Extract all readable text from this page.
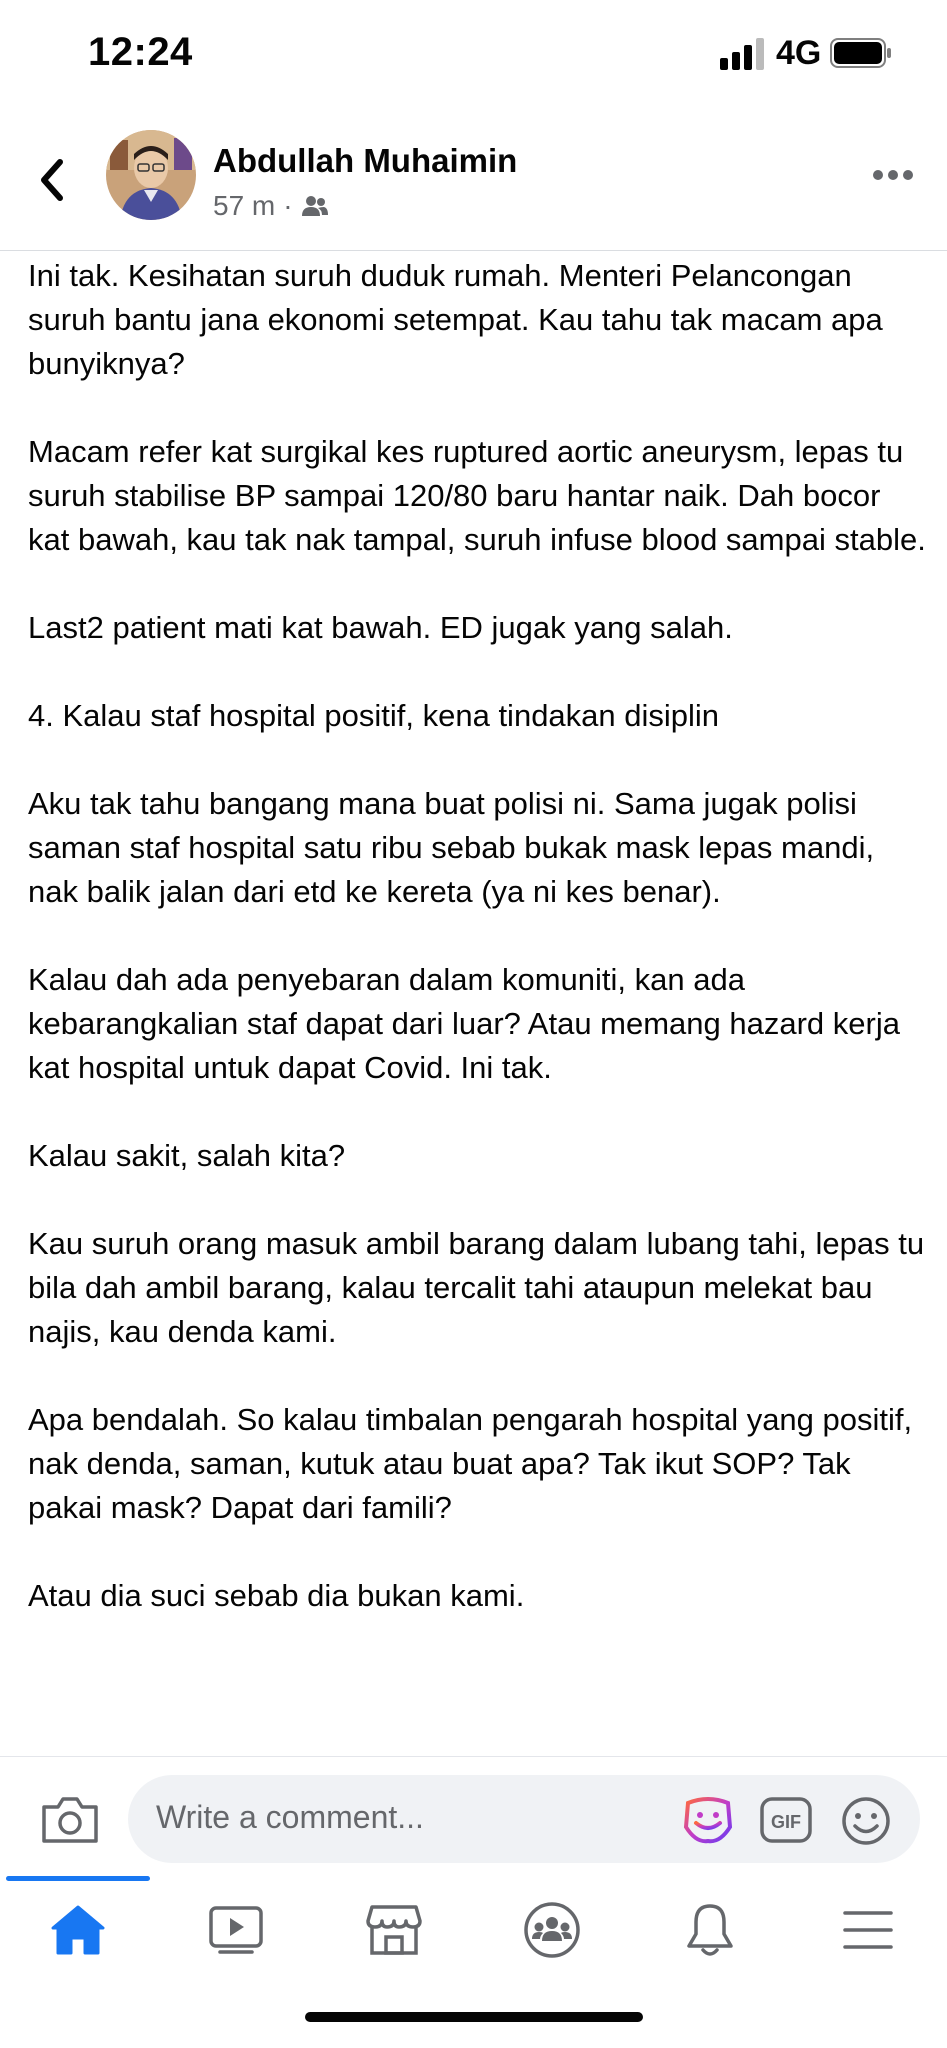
12:24	4G
Abdullah Muhaimin
57 m ·

Ini tak. Kesihatan suruh duduk rumah. Menteri Pelancongan suruh bantu jana ekonomi setempat. Kau tahu tak macam apa bunyiknya?

Macam refer kat surgikal kes ruptured aortic aneurysm, lepas tu suruh stabilise BP sampai 120/80 baru hantar naik. Dah bocor kat bawah, kau tak nak tampal, suruh infuse blood sampai stable.

Last2 patient mati kat bawah. ED jugak yang salah.

4. Kalau staf hospital positif, kena tindakan disiplin

Aku tak tahu bangang mana buat polisi ni. Sama jugak polisi saman staf hospital satu ribu sebab bukak mask lepas mandi, nak balik jalan dari etd ke kereta (ya ni kes benar).

Kalau dah ada penyebaran dalam komuniti, kan ada kebarangkalian staf dapat dari luar? Atau memang hazard kerja kat hospital untuk dapat Covid. Ini tak.

Kalau sakit, salah kita?

Kau suruh orang masuk ambil barang dalam lubang tahi, lepas tu bila dah ambil barang, kalau tercalit tahi ataupun melekat bau najis, kau denda kami.

Apa bendalah. So kalau timbalan pengarah hospital yang positif, nak denda, saman, kutuk atau buat apa? Tak ikut SOP? Tak pakai mask? Dapat dari famili?

Atau dia suci sebab dia bukan kami.

Write a comment...	GIF
